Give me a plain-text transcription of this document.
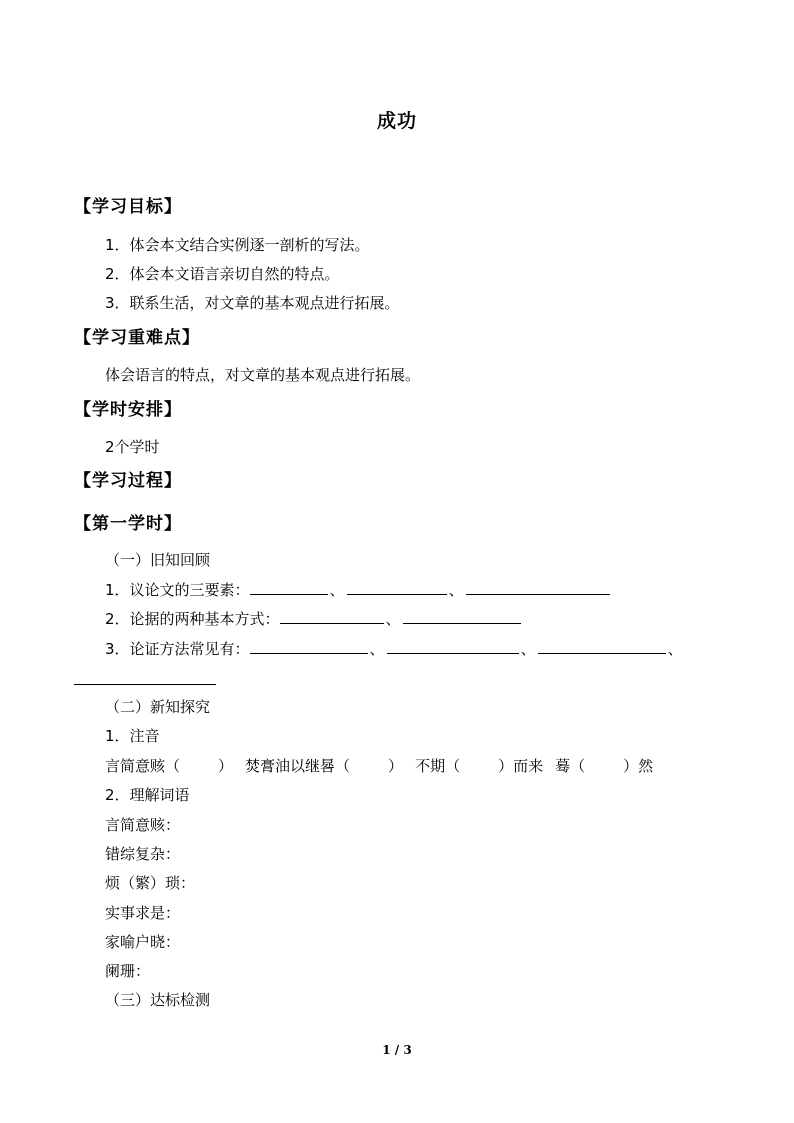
成功
【学习目标】
1．体会本文结合实例逐一剖析的写法。
2．体会本文语言亲切自然的特点。
3．联系生活，对文章的基本观点进行拓展。
【学习重难点】
体会语言的特点，对文章的基本观点进行拓展。
【学时安排】
2个学时
【学习过程】
【第一学时】
（一）旧知回顾
1．议论文的三要素：	、	、
2．论据的两种基本方式：	、
3．论证方法常见有：	、	、	、
（二）新知探究
1．注音
言简意赅（	） 焚膏油以继晷（	） 不期（	）而来 蓦（	）然
2．理解词语
言简意赅：
错综复杂：
烦（繁）琐：
实事求是：
家喻户晓：
阑珊：
（三）达标检测
1 / 3
